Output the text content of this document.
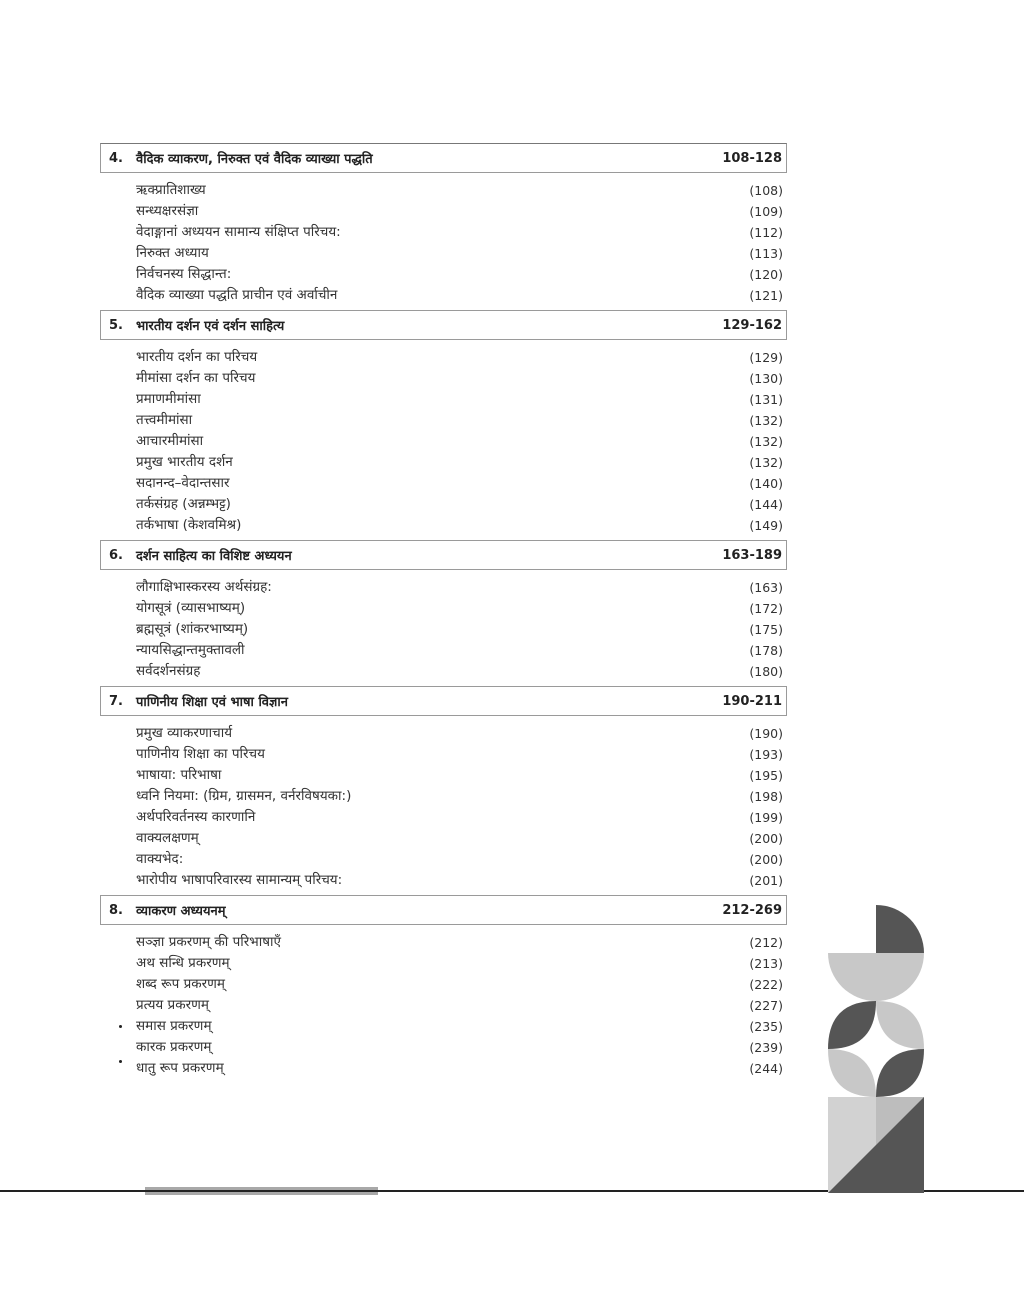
4.	वैदिक व्याकरण, निरुक्त एवं वैदिक व्याख्या पद्धति	108-128
ऋक्प्रातिशाख्य	(108)
सन्ध्यक्षरसंज्ञा	(109)
वेदाङ्गानां अध्ययन सामान्य संक्षिप्त परिचय:	(112)
निरुक्त अध्याय	(113)
निर्वचनस्य सिद्धान्त:	(120)
वैदिक व्याख्या पद्धति प्राचीन एवं अर्वाचीन	(121)
5.	भारतीय दर्शन एवं दर्शन साहित्य	129-162
भारतीय दर्शन का परिचय	(129)
मीमांसा दर्शन का परिचय	(130)
प्रमाणमीमांसा	(131)
तत्त्वमीमांसा	(132)
आचारमीमांसा	(132)
प्रमुख भारतीय दर्शन	(132)
सदानन्द–वेदान्तसार	(140)
तर्कसंग्रह (अन्नम्भट्ट)	(144)
तर्कभाषा (केशवमिश्र)	(149)
6.	दर्शन साहित्य का विशिष्ट अध्ययन	163-189
लौगाक्षिभास्करस्य अर्थसंग्रह:	(163)
योगसूत्रं (व्यासभाष्यम्)	(172)
ब्रह्मसूत्रं (शांकरभाष्यम्)	(175)
न्यायसिद्धान्तमुक्तावली	(178)
सर्वदर्शनसंग्रह	(180)
7.	पाणिनीय शिक्षा एवं भाषा विज्ञान	190-211
प्रमुख व्याकरणाचार्य	(190)
पाणिनीय शिक्षा का परिचय	(193)
भाषाया: परिभाषा	(195)
ध्वनि नियमा: (ग्रिम, ग्रासमन, वर्नरविषयका:)	(198)
अर्थपरिवर्तनस्य कारणानि	(199)
वाक्यलक्षणम्	(200)
वाक्यभेद:	(200)
भारोपीय भाषापरिवारस्य सामान्यम् परिचय:	(201)
8.	व्याकरण अध्ययनम्	212-269
सञ्ज्ञा प्रकरणम् की परिभाषाएँ	(212)
अथ सन्धि प्रकरणम्	(213)
शब्द रूप प्रकरणम्	(222)
प्रत्यय प्रकरणम्	(227)
समास प्रकरणम्	(235)
कारक प्रकरणम्	(239)
धातु रूप प्रकरणम्	(244)
